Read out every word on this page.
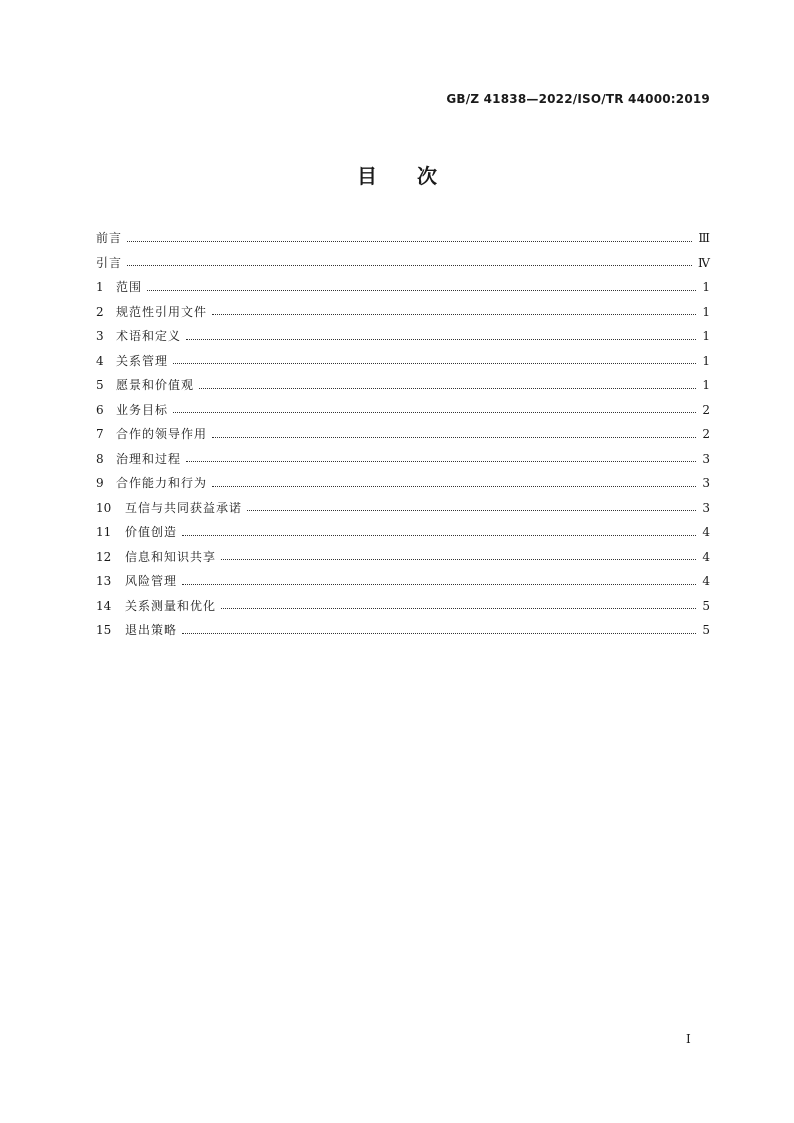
GB/Z 41838—2022/ISO/TR 44000:2019
目 次
前言	Ⅲ
引言	Ⅳ
1	范围	1
2	规范性引用文件	1
3	术语和定义	1
4	关系管理	1
5	愿景和价值观	1
6	业务目标	2
7	合作的领导作用	2
8	治理和过程	3
9	合作能力和行为	3
10	互信与共同获益承诺	3
11	价值创造	4
12	信息和知识共享	4
13	风险管理	4
14	关系测量和优化	5
15	退出策略	5
I
